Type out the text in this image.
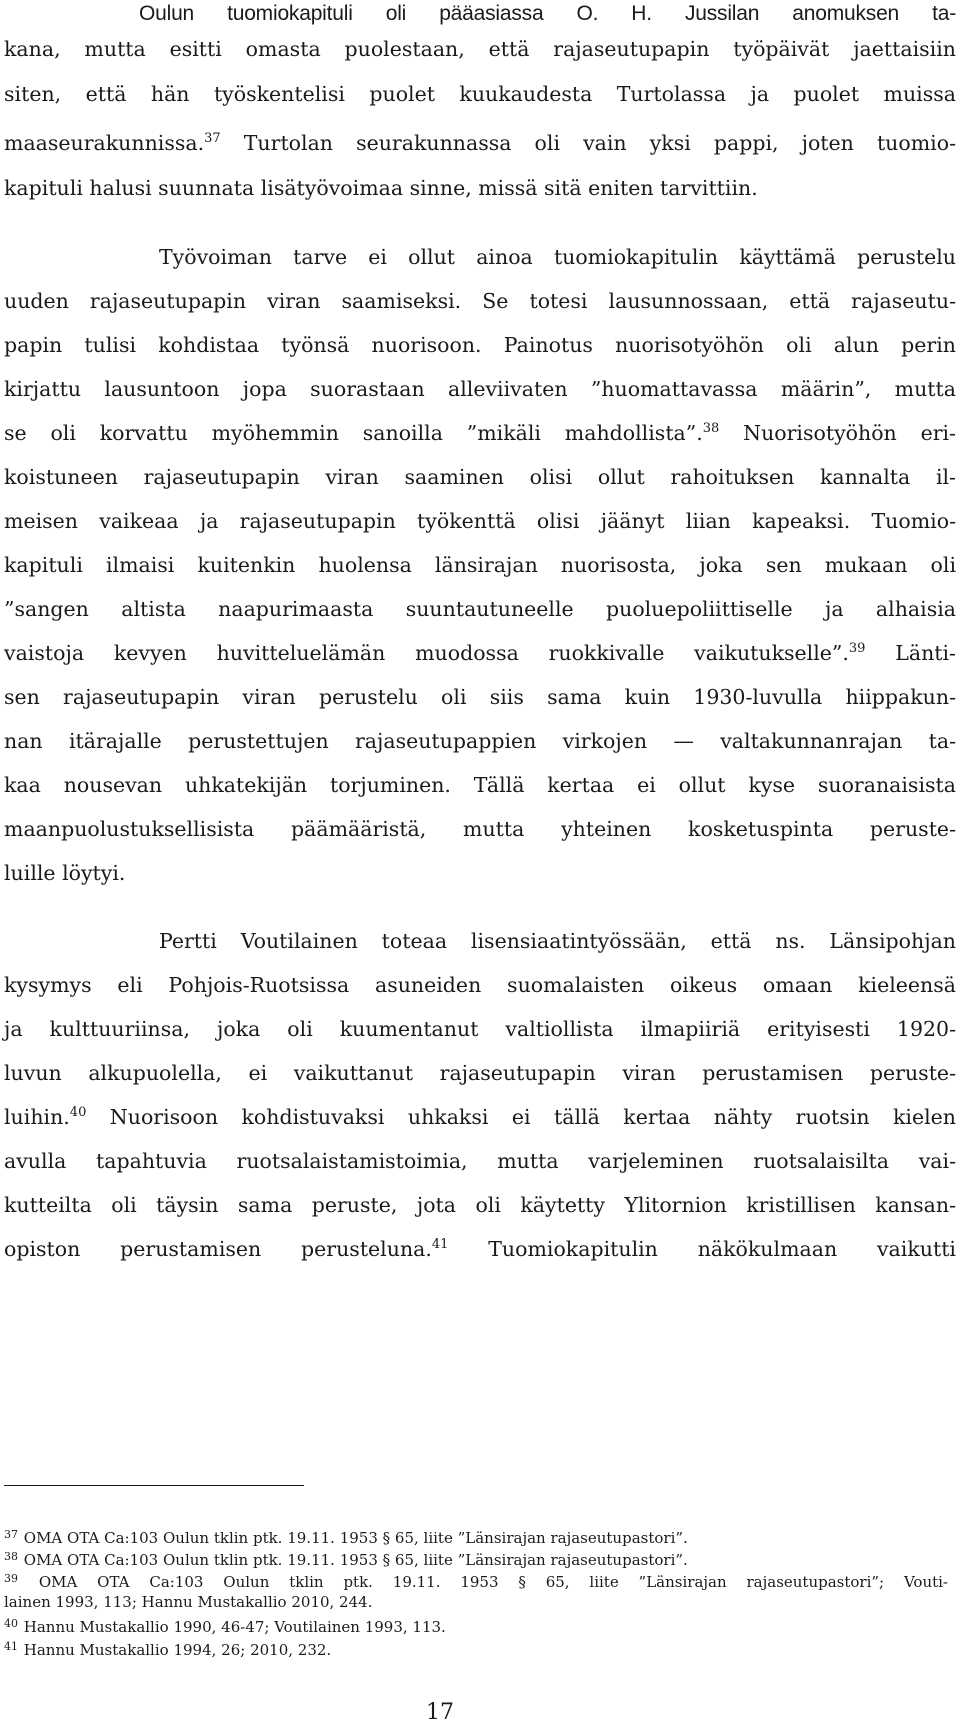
Oulun tuomiokapituli oli pääasiassa O. H. Jussilan anomuksen ta-
kana, mutta esitti omasta puolestaan, että rajaseutupapin työpäivät jaettaisiin
siten, että hän työskentelisi puolet kuukaudesta Turtolassa ja puolet muissa
maaseurakunnissa.$^{37}$ Turtolan seurakunnassa oli vain yksi pappi, joten tuomio-
kapituli halusi suunnata lisätyövoimaa sinne, missä sitä eniten tarvittiin.
Työvoiman tarve ei ollut ainoa tuomiokapitulin käyttämä perustelu
uuden rajaseutupapin viran saamiseksi. Se totesi lausunnossaan, että rajaseutu-
papin tulisi kohdistaa työnsä nuorisoon. Painotus nuorisotyöhön oli alun perin
kirjattu lausuntoon jopa suorastaan alleviivaten ”huomattavassa määrin”, mutta
se oli korvattu myöhemmin sanoilla ”mikäli mahdollista”.$^{38}$ Nuorisotyöhön eri-
koistuneen rajaseutupapin viran saaminen olisi ollut rahoituksen kannalta il-
meisen vaikeaa ja rajaseutupapin työkenttä olisi jäänyt liian kapeaksi. Tuomio-
kapituli ilmaisi kuitenkin huolensa länsirajan nuorisosta, joka sen mukaan oli
”sangen altista naapurimaasta suuntautuneelle puoluepoliittiselle ja alhaisia
vaistoja kevyen huvitteluelämän muodossa ruokkivalle vaikutukselle”.$^{39}$ Länti-
sen rajaseutupapin viran perustelu oli siis sama kuin 1930-luvulla hiippakun-
nan itärajalle perustettujen rajaseutupappien virkojen — valtakunnanrajan ta-
kaa nousevan uhkatekijän torjuminen. Tällä kertaa ei ollut kyse suoranaisista
maanpuolustuksellisista päämääristä, mutta yhteinen kosketuspinta peruste-
luille löytyi.
Pertti Voutilainen toteaa lisensiaatintyössään, että ns. Länsipohjan
kysymys eli Pohjois-Ruotsissa asuneiden suomalaisten oikeus omaan kieleensä
ja kulttuuriinsa, joka oli kuumentanut valtiollista ilmapiiriä erityisesti 1920-
luvun alkupuolella, ei vaikuttanut rajaseutupapin viran perustamisen peruste-
luihin.$^{40}$ Nuorisoon kohdistuvaksi uhkaksi ei tällä kertaa nähty ruotsin kielen
avulla tapahtuvia ruotsalaistamistoimia, mutta varjeleminen ruotsalaisilta vai-
kutteilta oli täysin sama peruste, jota oli käytetty Ylitornion kristillisen kansan-
opiston perustamisen perusteluna.$^{41}$ Tuomiokapitulin näkökulmaan vaikutti
$^{37}$ OMA OTA Ca:103 Oulun tklin ptk. 19.11. 1953 § 65, liite ”Länsirajan rajaseutupastori”.
$^{38}$ OMA OTA Ca:103 Oulun tklin ptk. 19.11. 1953 § 65, liite ”Länsirajan rajaseutupastori”.
$^{39}$ OMA OTA Ca:103 Oulun tklin ptk. 19.11. 1953 § 65, liite ”Länsirajan rajaseutupastori”; Vouti-
lainen 1993, 113; Hannu Mustakallio 2010, 244.
$^{40}$ Hannu Mustakallio 1990, 46-47; Voutilainen 1993, 113.
$^{41}$ Hannu Mustakallio 1994, 26; 2010, 232.
17
